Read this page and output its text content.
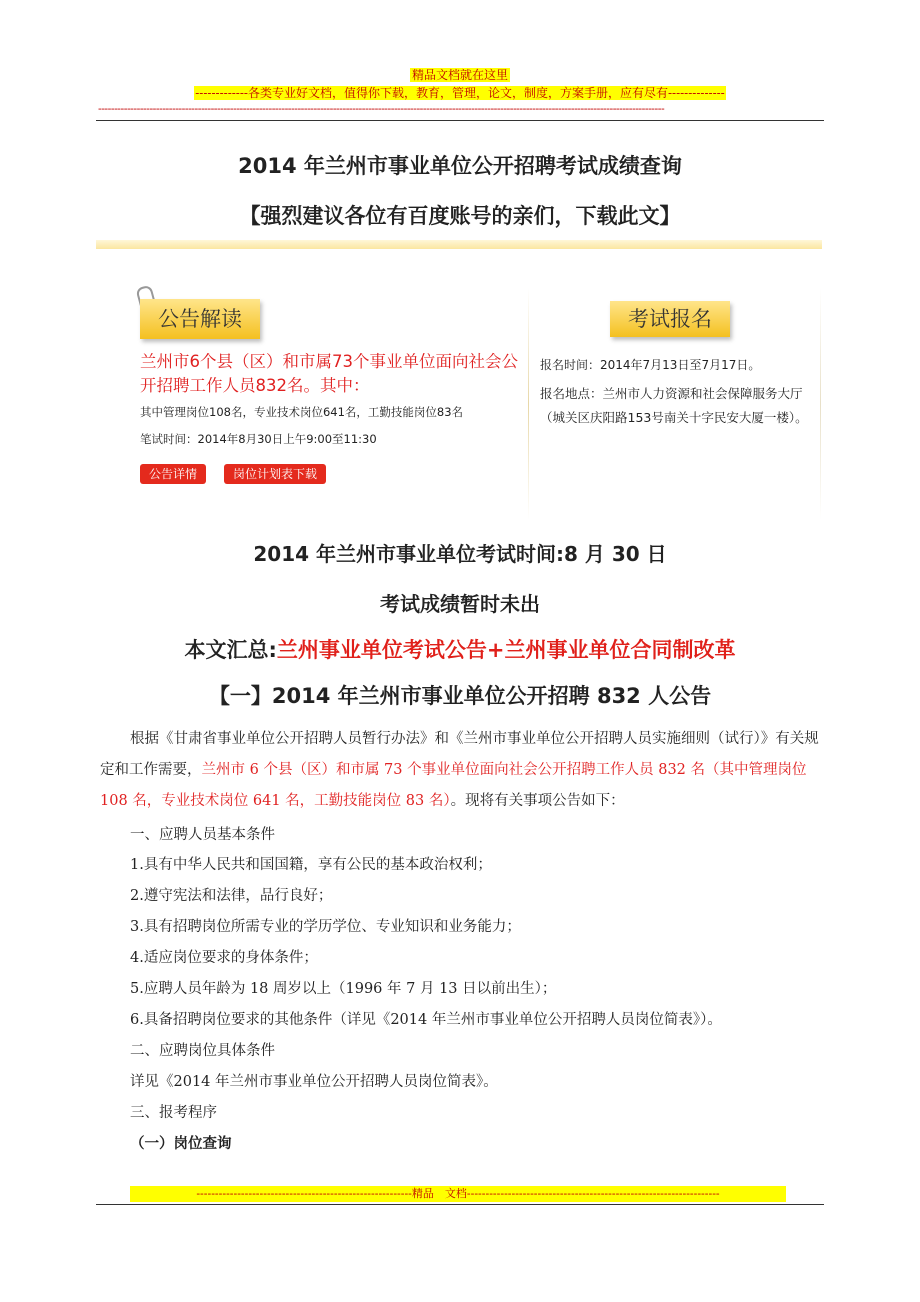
精品文档就在这里
-------------各类专业好文档，值得你下载，教育，管理，论文，制度，方案手册，应有尽有--------------
--------------------------------------------------------------------------------------------------------------------------------------------------------------------------------
2014 年兰州市事业单位公开招聘考试成绩查询
【强烈建议各位有百度账号的亲们，下载此文】
公告解读
兰州市6个县（区）和市属73个事业单位面向社会公开招聘工作人员832名。其中：
其中管理岗位108名，专业技术岗位641名，工勤技能岗位83名
笔试时间：2014年8月30日上午9:00至11:30
公告详情	岗位计划表下载
考试报名
报名时间：2014年7月13日至7月17日。
报名地点：兰州市人力资源和社会保障服务大厅（城关区庆阳路153号南关十字民安大厦一楼）。
2014 年兰州市事业单位考试时间:8 月 30 日
考试成绩暂时未出
本文汇总:兰州事业单位考试公告+兰州事业单位合同制改革
【一】2014 年兰州市事业单位公开招聘 832 人公告
根据《甘肃省事业单位公开招聘人员暂行办法》和《兰州市事业单位公开招聘人员实施细则（试行）》有关规定和工作需要，兰州市 6 个县（区）和市属 73 个事业单位面向社会公开招聘工作人员 832 名（其中管理岗位 108 名，专业技术岗位 641 名，工勤技能岗位 83 名）。现将有关事项公告如下：
一、应聘人员基本条件
1.具有中华人民共和国国籍，享有公民的基本政治权利；
2.遵守宪法和法律，品行良好；
3.具有招聘岗位所需专业的学历学位、专业知识和业务能力；
4.适应岗位要求的身体条件；
5.应聘人员年龄为 18 周岁以上（1996 年 7 月 13 日以前出生）；
6.具备招聘岗位要求的其他条件（详见《2014 年兰州市事业单位公开招聘人员岗位简表》）。
二、应聘岗位具体条件
详见《2014 年兰州市事业单位公开招聘人员岗位简表》。
三、报考程序
（一）岗位查询
----------------------------------------------------------精品　文档--------------------------------------------------------------------
